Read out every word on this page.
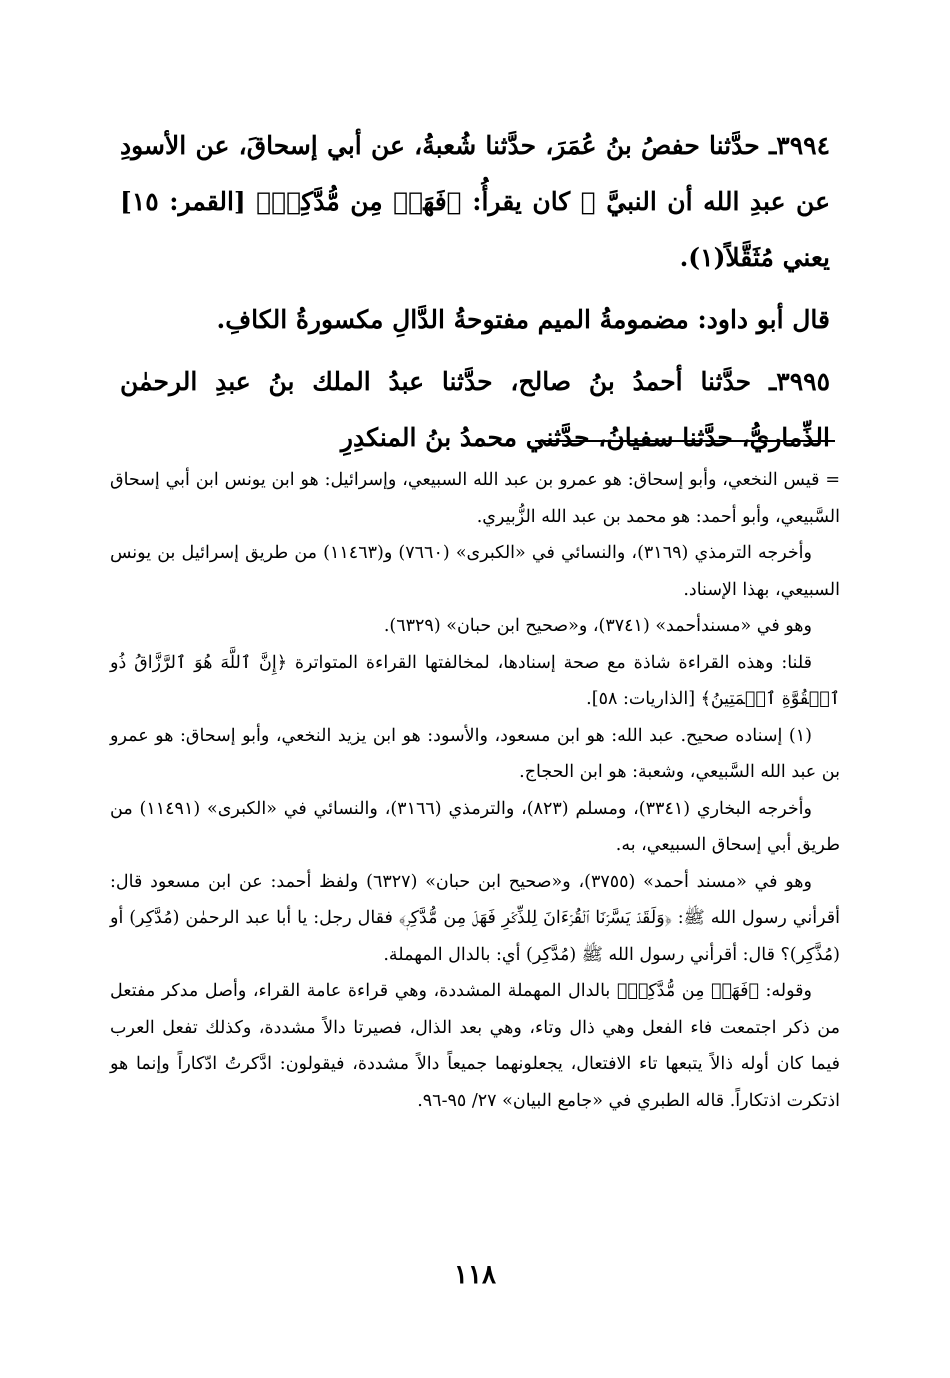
٣٩٩٤ـ حدَّثنا حفصُ بنُ عُمَرَ، حدَّثنا شُعبةُ، عن أبي إسحاقَ، عن الأسودِ عن عبدِ الله أن النبيَّ ﷺ كان يقرأُ: ﴿فَهَلۡ مِن مُّدَّكِرٖ﴾ [القمر: ١٥] يعني مُثَقَّلاً(١).

قال أبو داود: مضمومةُ الميم مفتوحةُ الدَّالِ مكسورةُ الكافِ.

٣٩٩٥ـ حدَّثنا أحمدُ بنُ صالح، حدَّثنا عبدُ الملك بنُ عبدِ الرحمٰن الذِّماريُّ، حدَّثنا سفيانُ، حدَّثني محمدُ بنُ المنكدِرِ

= قيس النخعي، وأبو إسحاق: هو عمرو بن عبد الله السبيعي، وإسرائيل: هو ابن يونس ابن أبي إسحاق السَّبيعي، وأبو أحمد: هو محمد بن عبد الله الزُّبيري.

وأخرجه الترمذي (٣١٦٩)، والنسائي في «الكبرى» (٧٦٦٠) و(١١٤٦٣) من طريق إسرائيل بن يونس السبيعي، بهذا الإسناد.

وهو في «مسندأحمد» (٣٧٤١)، و«صحيح ابن حبان» (٦٣٢٩).

قلنا: وهذه القراءة شاذة مع صحة إسنادها، لمخالفتها القراءة المتواترة ﴿إِنَّ ٱللَّهَ هُوَ ٱلرَّزَّاقُ ذُو ٱلۡقُوَّةِ ٱلۡمَتِينُ﴾ [الذاريات: ٥٨].

(١) إسناده صحيح. عبد الله: هو ابن مسعود، والأسود: هو ابن يزيد النخعي، وأبو إسحاق: هو عمرو بن عبد الله السَّبيعي، وشعبة: هو ابن الحجاج.

وأخرجه البخاري (٣٣٤١)، ومسلم (٨٢٣)، والترمذي (٣١٦٦)، والنسائي في «الكبرى» (١١٤٩١) من طريق أبي إسحاق السبيعي، به.

وهو في «مسند أحمد» (٣٧٥٥)، و«صحيح ابن حبان» (٦٣٢٧) ولفظ أحمد: عن ابن مسعود قال: أقرأني رسول الله ﷺ: ﴿وَلَقَدۡ يَسَّرۡنَا ٱلۡقُرۡءَانَ لِلذِّكۡرِ فَهَلۡ مِن مُّدَّكِرٖ﴾ فقال رجل: يا أبا عبد الرحمٰن (مُدَّكِر) أو (مُذَّكِر)؟ قال: أقرأني رسول الله ﷺ (مُدَّكِر) أي: بالدال المهملة.

وقوله: ﴿فَهَلۡ مِن مُّدَّكِرٖ﴾ بالدال المهملة المشددة، وهي قراءة عامة القراء، وأصل مدكر مفتعل من ذكر اجتمعت فاء الفعل وهي ذال وتاء، وهي بعد الذال، فصيرتا دالاً مشددة، وكذلك تفعل العرب فيما كان أوله ذالاً يتبعها تاء الافتعال، يجعلونهما جميعاً دالاً مشددة، فيقولون: ادَّكرتُ ادّكاراً وإنما هو اذتكرت اذتكاراً. قاله الطبري في «جامع البيان» ٢٧/ ٩٥-٩٦.

١١٨
